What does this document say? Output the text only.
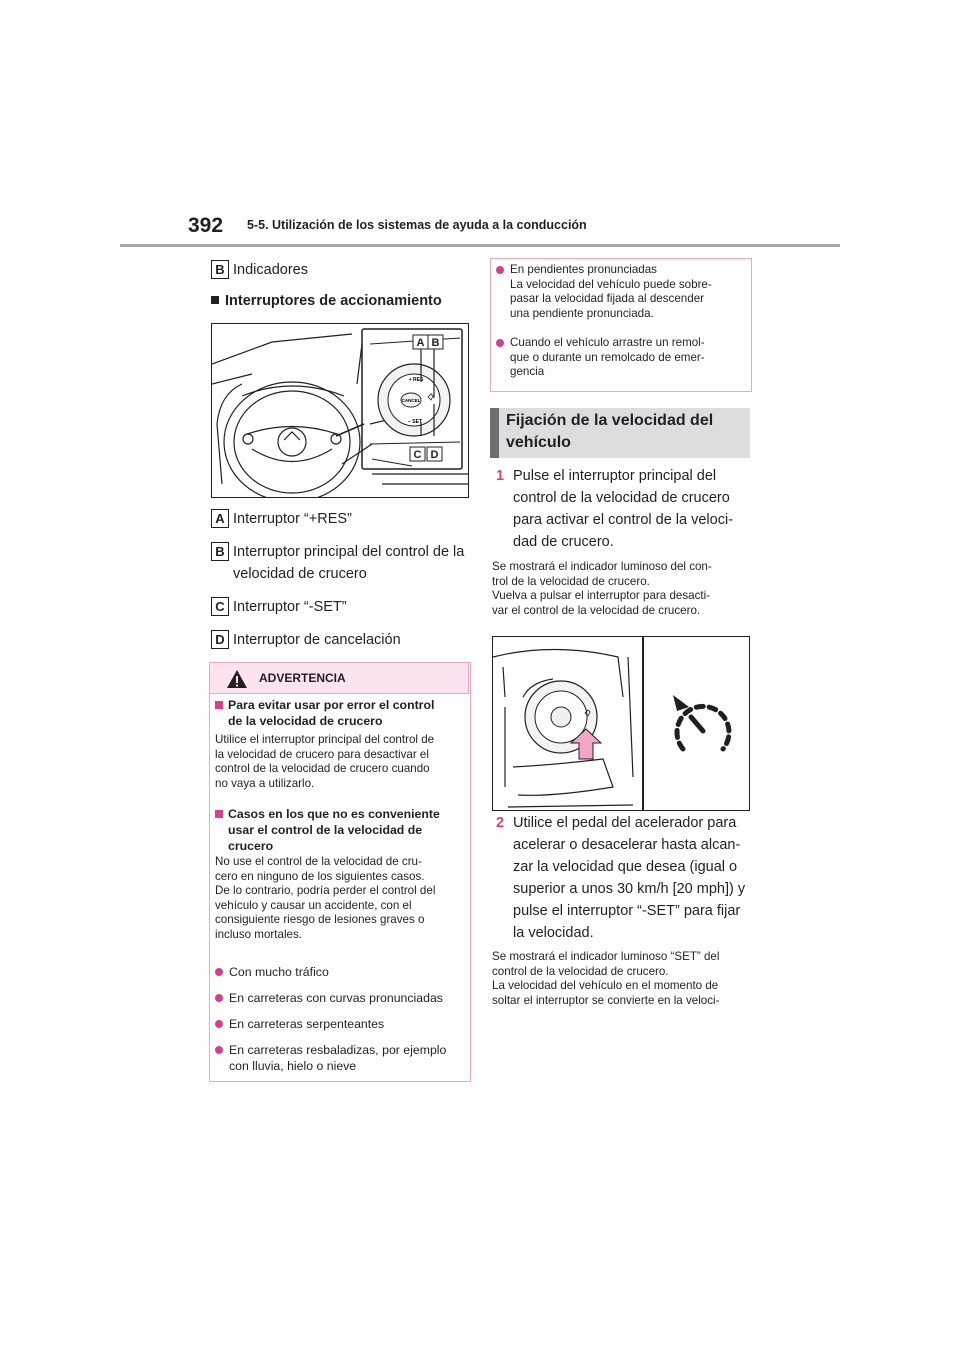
392 5-5. Utilización de los sistemas de ayuda a la conducción
B Indicadores
Interruptores de accionamiento
CANCEL
+ RES
− SET
A B
C D
A Interruptor “+RES”
B Interruptor principal del control de la
velocidad de crucero
C Interruptor “-SET”
D Interruptor de cancelación
ADVERTENCIA
Para evitar usar por error el control
de la velocidad de crucero
Utilice el interruptor principal del control de
la velocidad de crucero para desactivar el
control de la velocidad de crucero cuando
no vaya a utilizarlo.
Casos en los que no es conveniente
usar el control de la velocidad de
crucero
No use el control de la velocidad de cru-
cero en ninguno de los siguientes casos.
De lo contrario, podría perder el control del
vehículo y causar un accidente, con el
consiguiente riesgo de lesiones graves o
incluso mortales.
Con mucho tráfico
En carreteras con curvas pronunciadas
En carreteras serpenteantes
En carreteras resbaladizas, por ejemplo
con lluvia, hielo o nieve
En pendientes pronunciadas
La velocidad del vehículo puede sobre-
pasar la velocidad fijada al descender
una pendiente pronunciada.
Cuando el vehículo arrastre un remol-
que o durante un remolcado de emer-
gencia
Fijación de la velocidad del
vehículo
1 Pulse el interruptor principal del
control de la velocidad de crucero
para activar el control de la veloci-
dad de crucero.
Se mostrará el indicador luminoso del con-
trol de la velocidad de crucero.
Vuelva a pulsar el interruptor para desacti-
var el control de la velocidad de crucero.
2 Utilice el pedal del acelerador para
acelerar o desacelerar hasta alcan-
zar la velocidad que desea (igual o
superior a unos 30 km/h [20 mph]) y
pulse el interruptor “-SET” para fijar
la velocidad.
Se mostrará el indicador luminoso “SET” del
control de la velocidad de crucero.
La velocidad del vehículo en el momento de
soltar el interruptor se convierte en la veloci-
